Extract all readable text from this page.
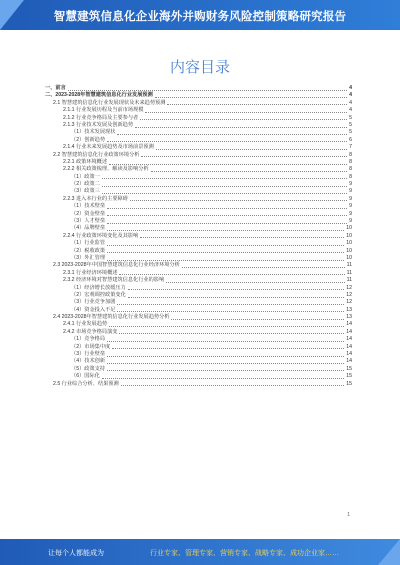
智慧建筑信息化企业海外并购财务风险控制策略研究报告
内容目录
一、前言	4
二、2023-2028年智慧建筑信息化行业发展预测	4
2.1 智慧建筑信息化行业发展现状及未来趋势预测	4
2.1.1 行业发展历程及当前市场规模	4
2.1.2 行业竞争格局及主要参与者	5
2.1.3 行业技术发展及创新趋势	5
（1）技术发展现状	5
（2）创新趋势	6
2.1.4 行业未来发展趋势及市场前景预测	7
2.2 智慧建筑信息化行业政策环境分析	8
2.2.1 政策环境概述	8
2.2.2 相关政策梳理、解读及影响分析	8
（1）政策一	8
（2）政策二	9
（3）政策三	9
2.2.3 进入本行业的主要障碍	9
（1）技术壁垒	9
（2）资金壁垒	9
（3）人才壁垒	9
（4）品牌壁垒	10
2.2.4 行业政策环境变化及其影响	10
（1）行业监管	10
（2）税收政策	10
（3）外汇管理	10
2.3 2023-2028年中国智慧建筑信息化行业经济环境分析	11
2.3.1 行业经济环境概述	11
2.3.2 经济环境对智慧建筑信息化行业的影响	11
（1）经济增长放缓压力	12
（2）宏观调控政策变化	12
（3）行业竞争加剧	12
（4）资金投入不足	13
2.4 2023-2028年智慧建筑信息化行业发展趋势分析	13
2.4.1 行业发展趋势	14
2.4.2 市场竞争格局演变	14
（1）竞争格局	14
（2）市场集中度	14
（3）行业壁垒	14
（4）技术创新	14
（5）政策支持	15
（6）国际化	15
2.5 行业综合分析、结果预测	15
1
让每个人都能成为	行业专家、管理专家、营销专家、战略专家、成功企业家……
